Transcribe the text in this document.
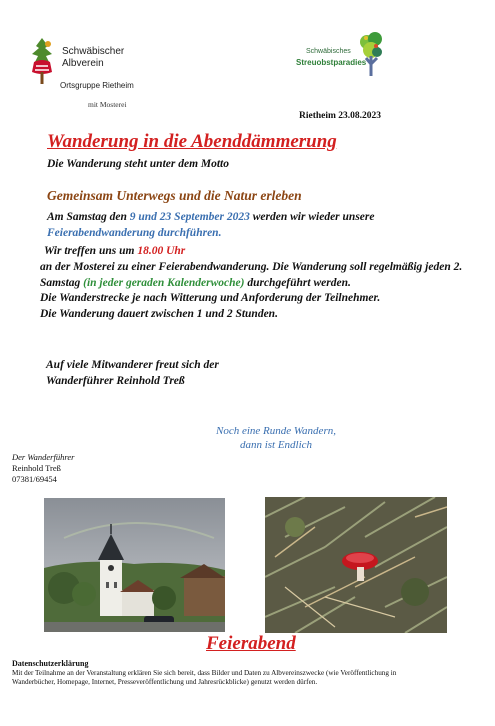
Schwäbischer
Albverein
Ortsgruppe Rietheim
mit Mosterei
Schwäbisches
Streuobstparadies
Rietheim 23.08.2023
Wanderung in die Abenddämmerung
Die Wanderung steht unter dem Motto
Gemeinsam Unterwegs und die Natur erleben
Am Samstag den 9 und 23 September 2023 werden wir wieder unsere Feierabendwanderung durchführen.
Wir treffen uns um 18.00 Uhr
an der Mosterei zu einer Feierabendwanderung. Die Wanderung soll regelmäßig jeden 2. Samstag (in jeder geraden Kalenderwoche) durchgeführt werden.
Die Wanderstrecke je nach Witterung und Anforderung der Teilnehmer.
Die Wanderung dauert zwischen 1 und 2 Stunden.
Auf viele Mitwanderer freut sich der
Wanderführer Reinhold Treß
Noch eine Runde Wandern,
dann ist Endlich
Der Wanderführer
Reinhold Treß
07381/69454
Feierabend
Datenschutzerklärung
Mit der Teilnahme an der Veranstaltung erklären Sie sich bereit, dass Bilder und Daten zu Albvereinszwecke (wie Veröffentlichung in Wanderbücher, Homepage, Internet, Presseveröffentlichung und Jahresrückblicke) genutzt werden dürfen.
